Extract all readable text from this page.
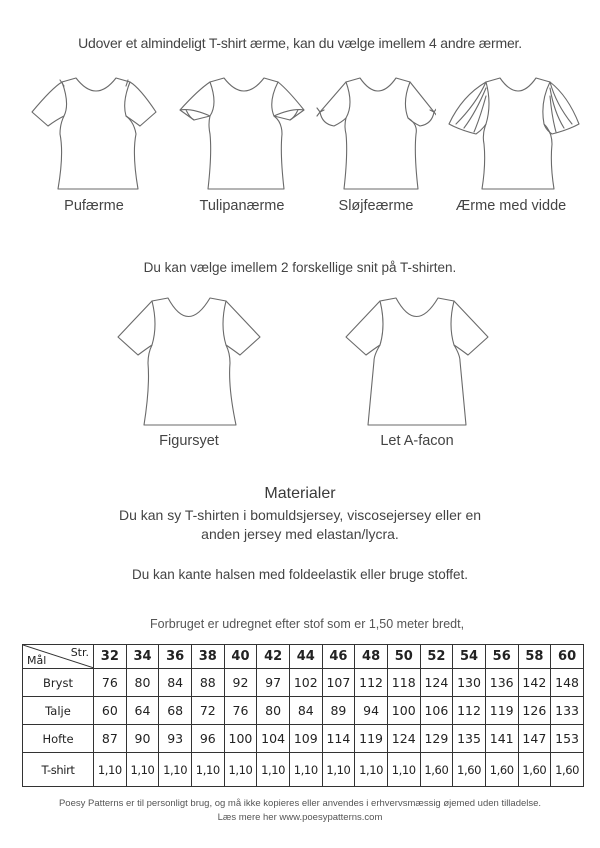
Udover et almindeligt T-shirt ærme, kan du vælge imellem 4 andre ærmer.
Pufærme	Tulipanærme	Sløjfeærme	Ærme med vidde
Du kan vælge imellem 2 forskellige snit på T-shirten.
Figursyet	Let A-facon
Materialer
Du kan sy T-shirten i bomuldsjersey, viscosejersey eller en
anden jersey med elastan/lycra.
Du kan kante halsen med foldeelastik eller bruge stoffet.
Forbruget er udregnet efter stof som er 1,50 meter bredt,
Str.
Mål	32	34	36	38	40	42	44	46	48	50	52	54	56	58	60
Bryst	76	80	84	88	92	97	102	107	112	118	124	130	136	142	148
Talje	60	64	68	72	76	80	84	89	94	100	106	112	119	126	133
Hofte	87	90	93	96	100	104	109	114	119	124	129	135	141	147	153
T-shirt	1,10	1,10	1,10	1,10	1,10	1,10	1,10	1,10	1,10	1,10	1,60	1,60	1,60	1,60	1,60
Poesy Patterns er til personligt brug, og må ikke kopieres eller anvendes i erhvervsmæssig øjemed uden tilladelse.
Læs mere her www.poesypatterns.com
